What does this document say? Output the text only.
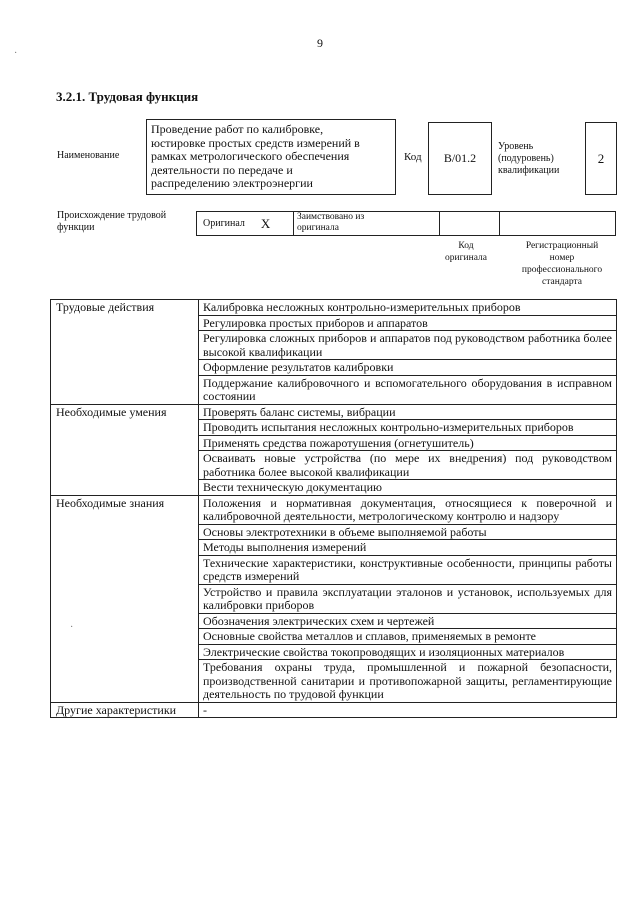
9
3.2.1. Трудовая функция
Наименование
Проведение работ по калибровке,
юстировке простых средств измерений в
рамках метрологического обеспечения
деятельности по передаче и
распределению электроэнергии
Код	В/01.2
Уровень
(подуровень)
квалификации
2
Происхождение трудовой
функции	Оригинал X	Заимствовано из
оригинала
Код
оригинала
Регистрационный
номер
профессионального
стандарта
Трудовые действия	Калибровка несложных контрольно-измерительных приборов
	Регулировка простых приборов и аппаратов
	Регулировка сложных приборов и аппаратов под руководством работника более высокой квалификации
	Оформление результатов калибровки
	Поддержание калибровочного и вспомогательного оборудования в исправном состоянии
Необходимые умения	Проверять баланс системы, вибрации
	Проводить испытания несложных контрольно-измерительных приборов
	Применять средства пожаротушения (огнетушитель)
	Осваивать новые устройства (по мере их внедрения) под руководством работника более высокой квалификации
	Вести техническую документацию
Необходимые знания	Положения и нормативная документация, относящиеся к поверочной и калибровочной деятельности, метрологическому контролю и надзору
	Основы электротехники в объеме выполняемой работы
	Методы выполнения измерений
	Технические характеристики, конструктивные особенности, принципы работы средств измерений
	Устройство и правила эксплуатации эталонов и установок, используемых для калибровки приборов
	Обозначения электрических схем и чертежей
	Основные свойства металлов и сплавов, применяемых в ремонте
	Электрические свойства токопроводящих и изоляционных материалов
	Требования охраны труда, промышленной и пожарной безопасности, производственной санитарии и противопожарной защиты, регламентирующие деятельность по трудовой функции
Другие характеристики	-
·
·
